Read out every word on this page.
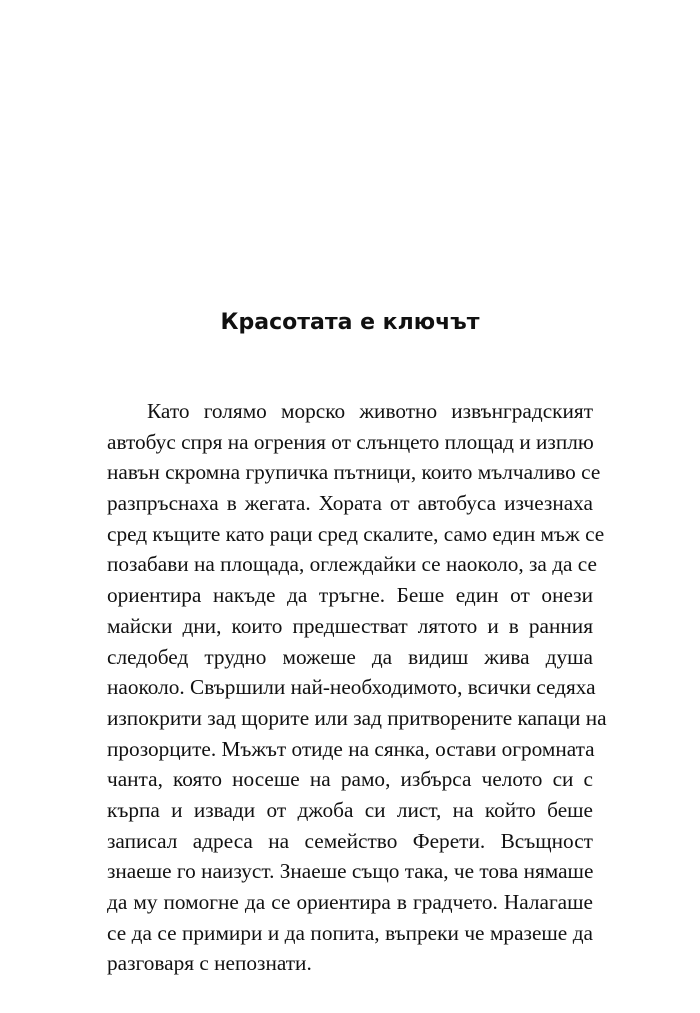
Красотата е ключът
Като голямо морско животно извънградският
автобус спря на огрения от слънцето площад и изплю
навън скромна групичка пътници, които мълчаливо се
разпръснаха в жегата. Хората от автобуса изчезнаха
сред къщите като раци сред скалите, само един мъж се
позабави на площада, оглеждайки се наоколо, за да се
ориентира накъде да тръгне. Беше един от онези
майски дни, които предшестват лятото и в ранния
следобед трудно можеше да видиш жива душа
наоколо. Свършили най-необходимото, всички седяха
изпокрити зад щорите или зад притворените капаци на
прозорците. Мъжът отиде на сянка, остави огромната
чанта, която носеше на рамо, избърса челото си с
кърпа и извади от джоба си лист, на който беше
записал адреса на семейство Ферети. Всъщност
знаеше го наизуст. Знаеше също така, че това нямаше
да му помогне да се ориентира в градчето. Налагаше
се да се примири и да попита, въпреки че мразеше да
разговаря с непознати.
